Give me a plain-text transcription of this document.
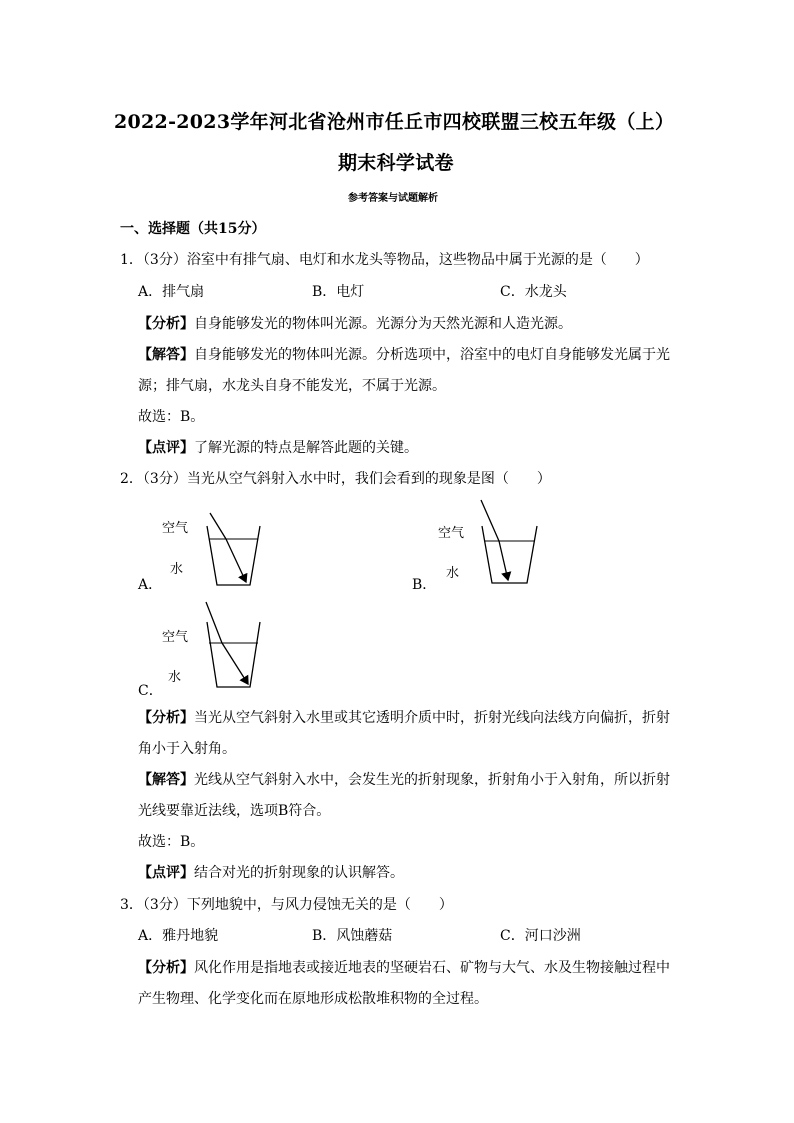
2022-2023学年河北省沧州市任丘市四校联盟三校五年级（上）
期末科学试卷
参考答案与试题解析
一、选择题（共15分）
1．（3分）浴室中有排气扇、电灯和水龙头等物品，这些物品中属于光源的是（　　）
A．排气扇	B．电灯	C．水龙头
【分析】自身能够发光的物体叫光源。光源分为天然光源和人造光源。
【解答】自身能够发光的物体叫光源。分析选项中，浴室中的电灯自身能够发光属于光
源；排气扇，水龙头自身不能发光，不属于光源。
故选：B。
【点评】了解光源的特点是解答此题的关键。
2．（3分）当光从空气斜射入水中时，我们会看到的现象是图（　　）
A．
空气
水
B．
空气
水
C．
空气
水
【分析】当光从空气斜射入水里或其它透明介质中时，折射光线向法线方向偏折，折射
角小于入射角。
【解答】光线从空气斜射入水中，会发生光的折射现象，折射角小于入射角，所以折射
光线要靠近法线，选项B符合。
故选：B。
【点评】结合对光的折射现象的认识解答。
3．（3分）下列地貌中，与风力侵蚀无关的是（　　）
A．雅丹地貌	B．风蚀蘑菇	C．河口沙洲
【分析】风化作用是指地表或接近地表的坚硬岩石、矿物与大气、水及生物接触过程中
产生物理、化学变化而在原地形成松散堆积物的全过程。
